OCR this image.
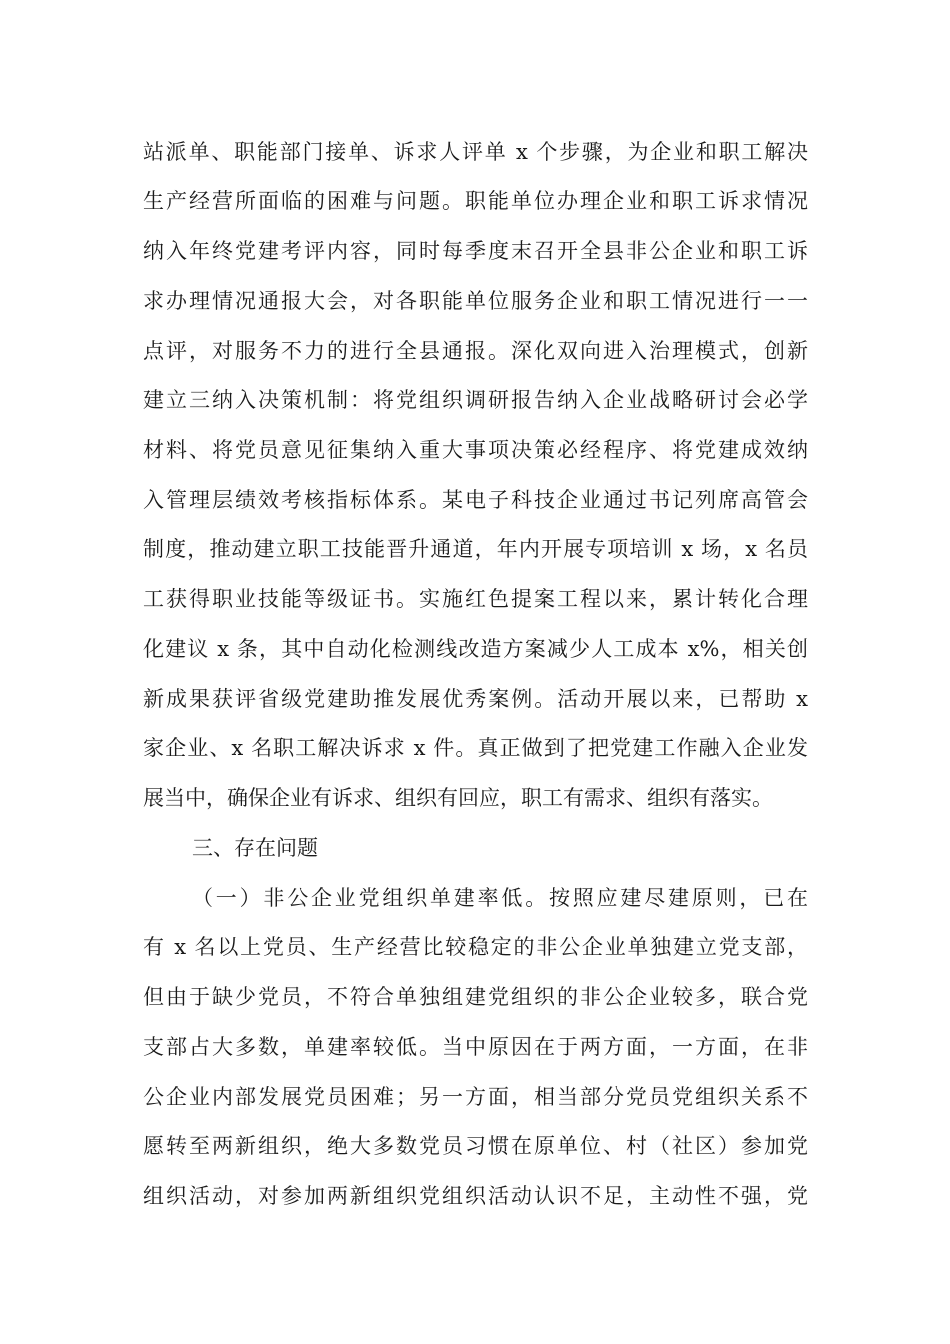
站派单、职能部门接单、诉求人评单 x 个步骤，为企业和职工解决
生产经营所面临的困难与问题。职能单位办理企业和职工诉求情况
纳入年终党建考评内容，同时每季度末召开全县非公企业和职工诉
求办理情况通报大会，对各职能单位服务企业和职工情况进行一一
点评，对服务不力的进行全县通报。深化双向进入治理模式，创新
建立三纳入决策机制：将党组织调研报告纳入企业战略研讨会必学
材料、将党员意见征集纳入重大事项决策必经程序、将党建成效纳
入管理层绩效考核指标体系。某电子科技企业通过书记列席高管会
制度，推动建立职工技能晋升通道，年内开展专项培训 x 场，x 名员
工获得职业技能等级证书。实施红色提案工程以来，累计转化合理
化建议 x 条，其中自动化检测线改造方案减少人工成本 x%，相关创
新成果获评省级党建助推发展优秀案例。活动开展以来，已帮助 x
家企业、x 名职工解决诉求 x 件。真正做到了把党建工作融入企业发
展当中，确保企业有诉求、组织有回应，职工有需求、组织有落实。
三、存在问题
（一）非公企业党组织单建率低。按照应建尽建原则，已在
有 x 名以上党员、生产经营比较稳定的非公企业单独建立党支部，
但由于缺少党员，不符合单独组建党组织的非公企业较多，联合党
支部占大多数，单建率较低。当中原因在于两方面，一方面，在非
公企业内部发展党员困难；另一方面，相当部分党员党组织关系不
愿转至两新组织，绝大多数党员习惯在原单位、村（社区）参加党
组织活动，对参加两新组织党组织活动认识不足，主动性不强，党
